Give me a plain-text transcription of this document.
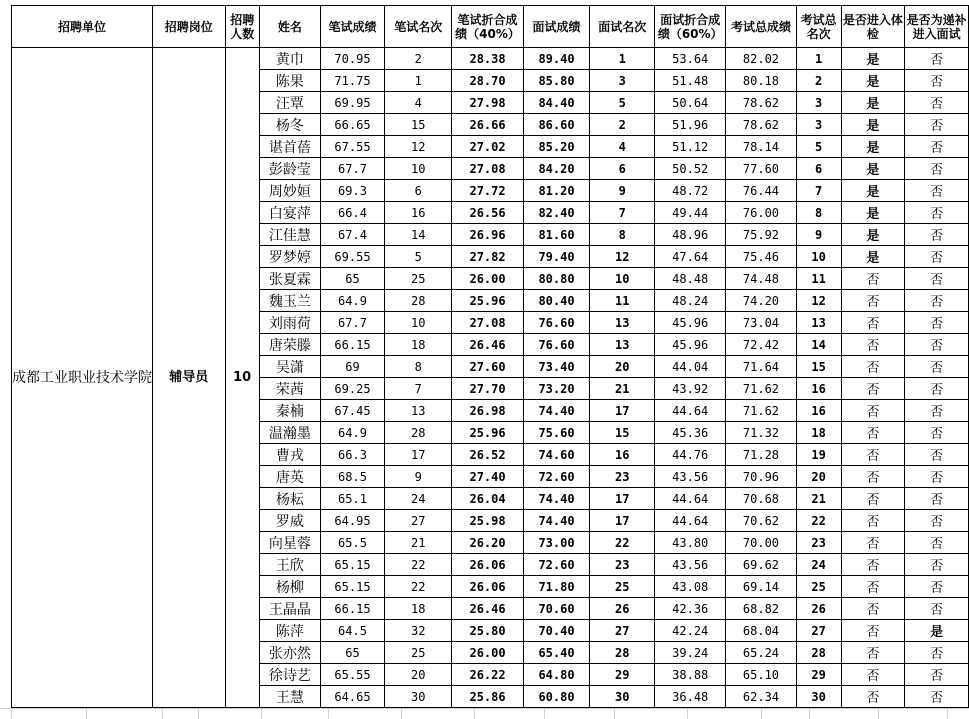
招聘单位	招聘岗位	招聘人数	姓名	笔试成绩	笔试名次	笔试折合成绩（40%）	面试成绩	面试名次	面试折合成绩（60%）	考试总成绩	考试总名次	是否进入体检	是否为递补进入面试
成都工业职业技术学院	辅导员	10	黄巾	70.95	2	28.38	89.40	1	53.64	82.02	1	是	否
			陈果	71.75	1	28.70	85.80	3	51.48	80.18	2	是	否
			汪覃	69.95	4	27.98	84.40	5	50.64	78.62	3	是	否
			杨冬	66.65	15	26.66	86.60	2	51.96	78.62	3	是	否
			谌首蓓	67.55	12	27.02	85.20	4	51.12	78.14	5	是	否
			彭龄莹	67.7	10	27.08	84.20	6	50.52	77.60	6	是	否
			周妙姮	69.3	6	27.72	81.20	9	48.72	76.44	7	是	否
			白宴萍	66.4	16	26.56	82.40	7	49.44	76.00	8	是	否
			江佳慧	67.4	14	26.96	81.60	8	48.96	75.92	9	是	否
			罗梦婷	69.55	5	27.82	79.40	12	47.64	75.46	10	是	否
			张夏霖	65	25	26.00	80.80	10	48.48	74.48	11	否	否
			魏玉兰	64.9	28	25.96	80.40	11	48.24	74.20	12	否	否
			刘雨荷	67.7	10	27.08	76.60	13	45.96	73.04	13	否	否
			唐荣滕	66.15	18	26.46	76.60	13	45.96	72.42	14	否	否
			吴潇	69	8	27.60	73.40	20	44.04	71.64	15	否	否
			荣茜	69.25	7	27.70	73.20	21	43.92	71.62	16	否	否
			秦楠	67.45	13	26.98	74.40	17	44.64	71.62	16	否	否
			温瀚墨	64.9	28	25.96	75.60	15	45.36	71.32	18	否	否
			曹戎	66.3	17	26.52	74.60	16	44.76	71.28	19	否	否
			唐英	68.5	9	27.40	72.60	23	43.56	70.96	20	否	否
			杨耘	65.1	24	26.04	74.40	17	44.64	70.68	21	否	否
			罗威	64.95	27	25.98	74.40	17	44.64	70.62	22	否	否
			向星蓉	65.5	21	26.20	73.00	22	43.80	70.00	23	否	否
			王欣	65.15	22	26.06	72.60	23	43.56	69.62	24	否	否
			杨柳	65.15	22	26.06	71.80	25	43.08	69.14	25	否	否
			王晶晶	66.15	18	26.46	70.60	26	42.36	68.82	26	否	否
			陈萍	64.5	32	25.80	70.40	27	42.24	68.04	27	否	是
			张亦然	65	25	26.00	65.40	28	39.24	65.24	28	否	否
			徐诗艺	65.55	20	26.22	64.80	29	38.88	65.10	29	否	否
			王慧	64.65	30	25.86	60.80	30	36.48	62.34	30	否	否
